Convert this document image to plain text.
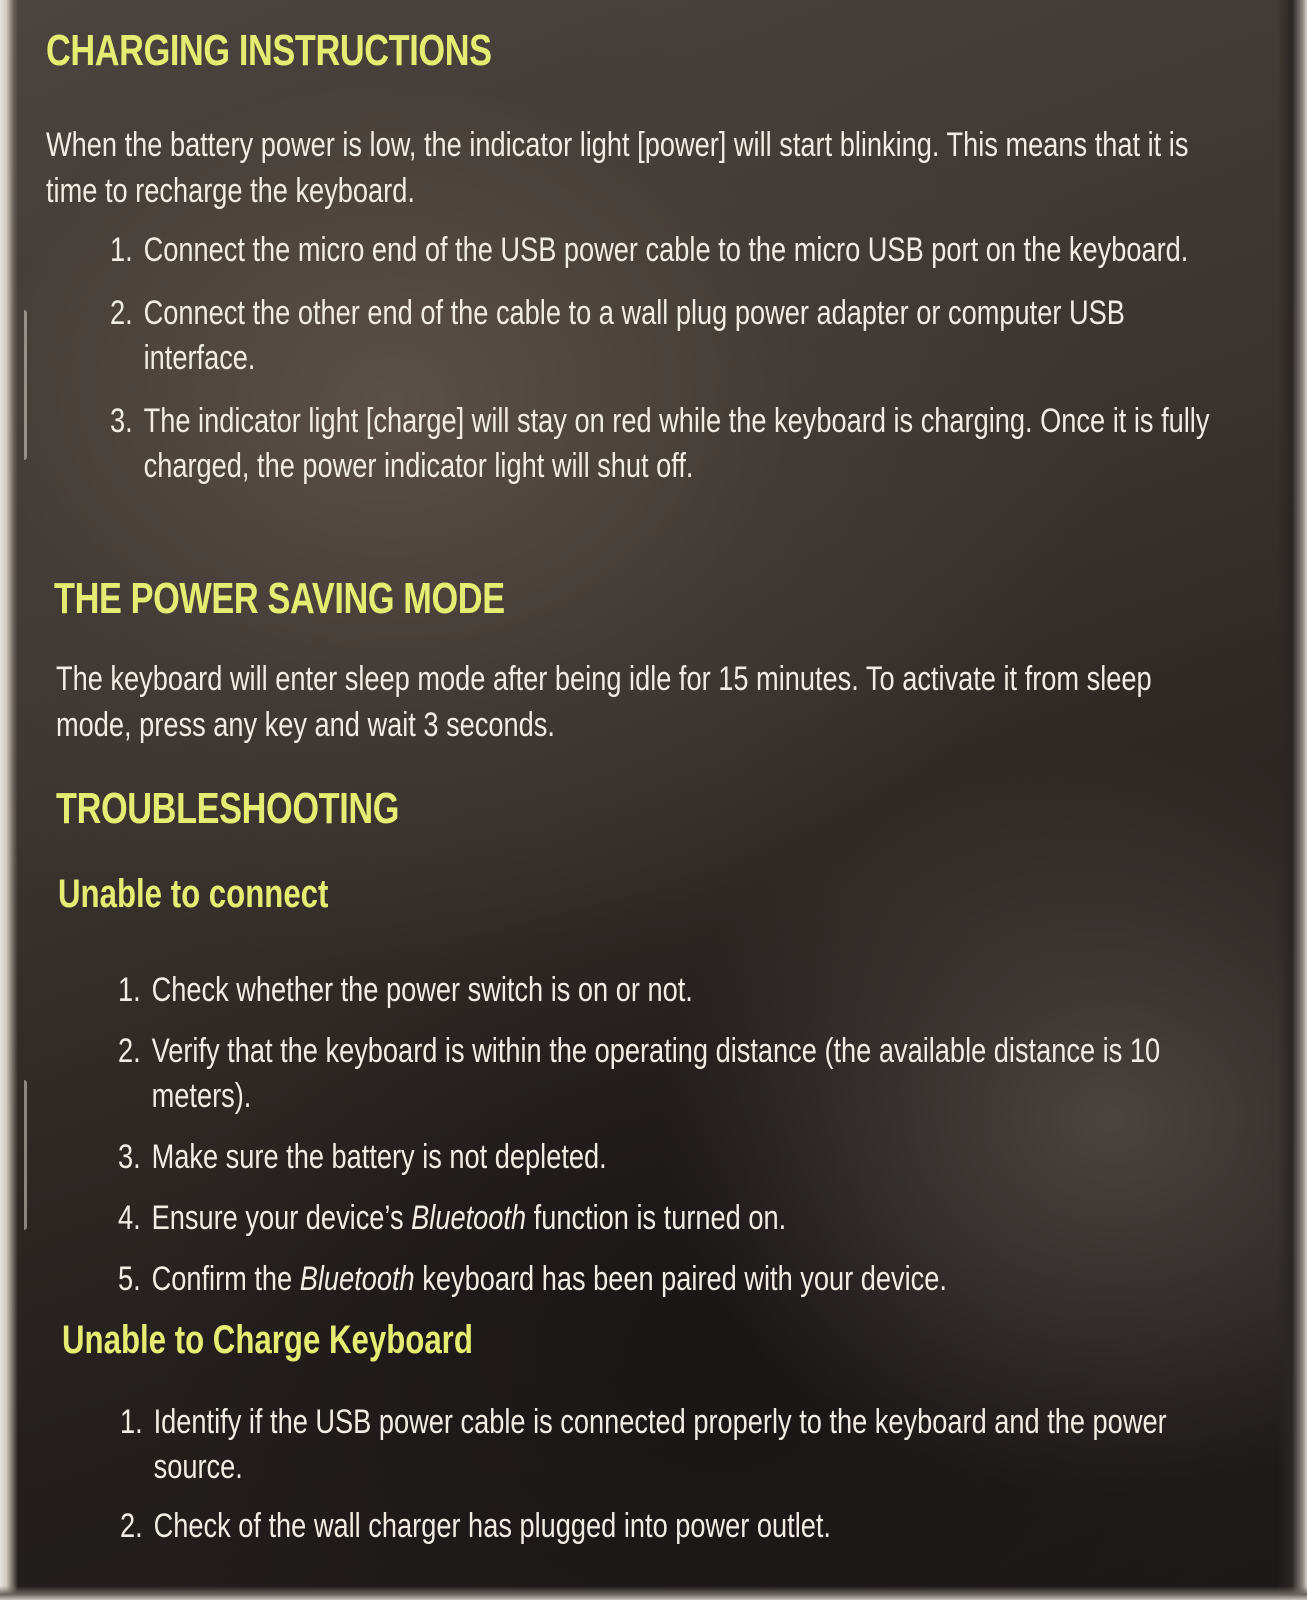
CHARGING INSTRUCTIONS

When the battery power is low, the indicator light [power] will start blinking. This means that it is time to recharge the keyboard.

1. Connect the micro end of the USB power cable to the micro USB port on the keyboard.
2. Connect the other end of the cable to a wall plug power adapter or computer USB interface.
3. The indicator light [charge] will stay on red while the keyboard is charging. Once it is fully charged, the power indicator light will shut off.
THE POWER SAVING MODE

The keyboard will enter sleep mode after being idle for 15 minutes. To activate it from sleep mode, press any key and wait 3 seconds.

TROUBLESHOOTING
Unable to connect
1. Check whether the power switch is on or not.
2. Verify that the keyboard is within the operating distance (the available distance is 10 meters).
3. Make sure the battery is not depleted.
4. Ensure your device’s Bluetooth function is turned on.
5. Confirm the Bluetooth keyboard has been paired with your device.
Unable to Charge Keyboard
1. Identify if the USB power cable is connected properly to the keyboard and the power source.
2. Check of the wall charger has plugged into power outlet.
